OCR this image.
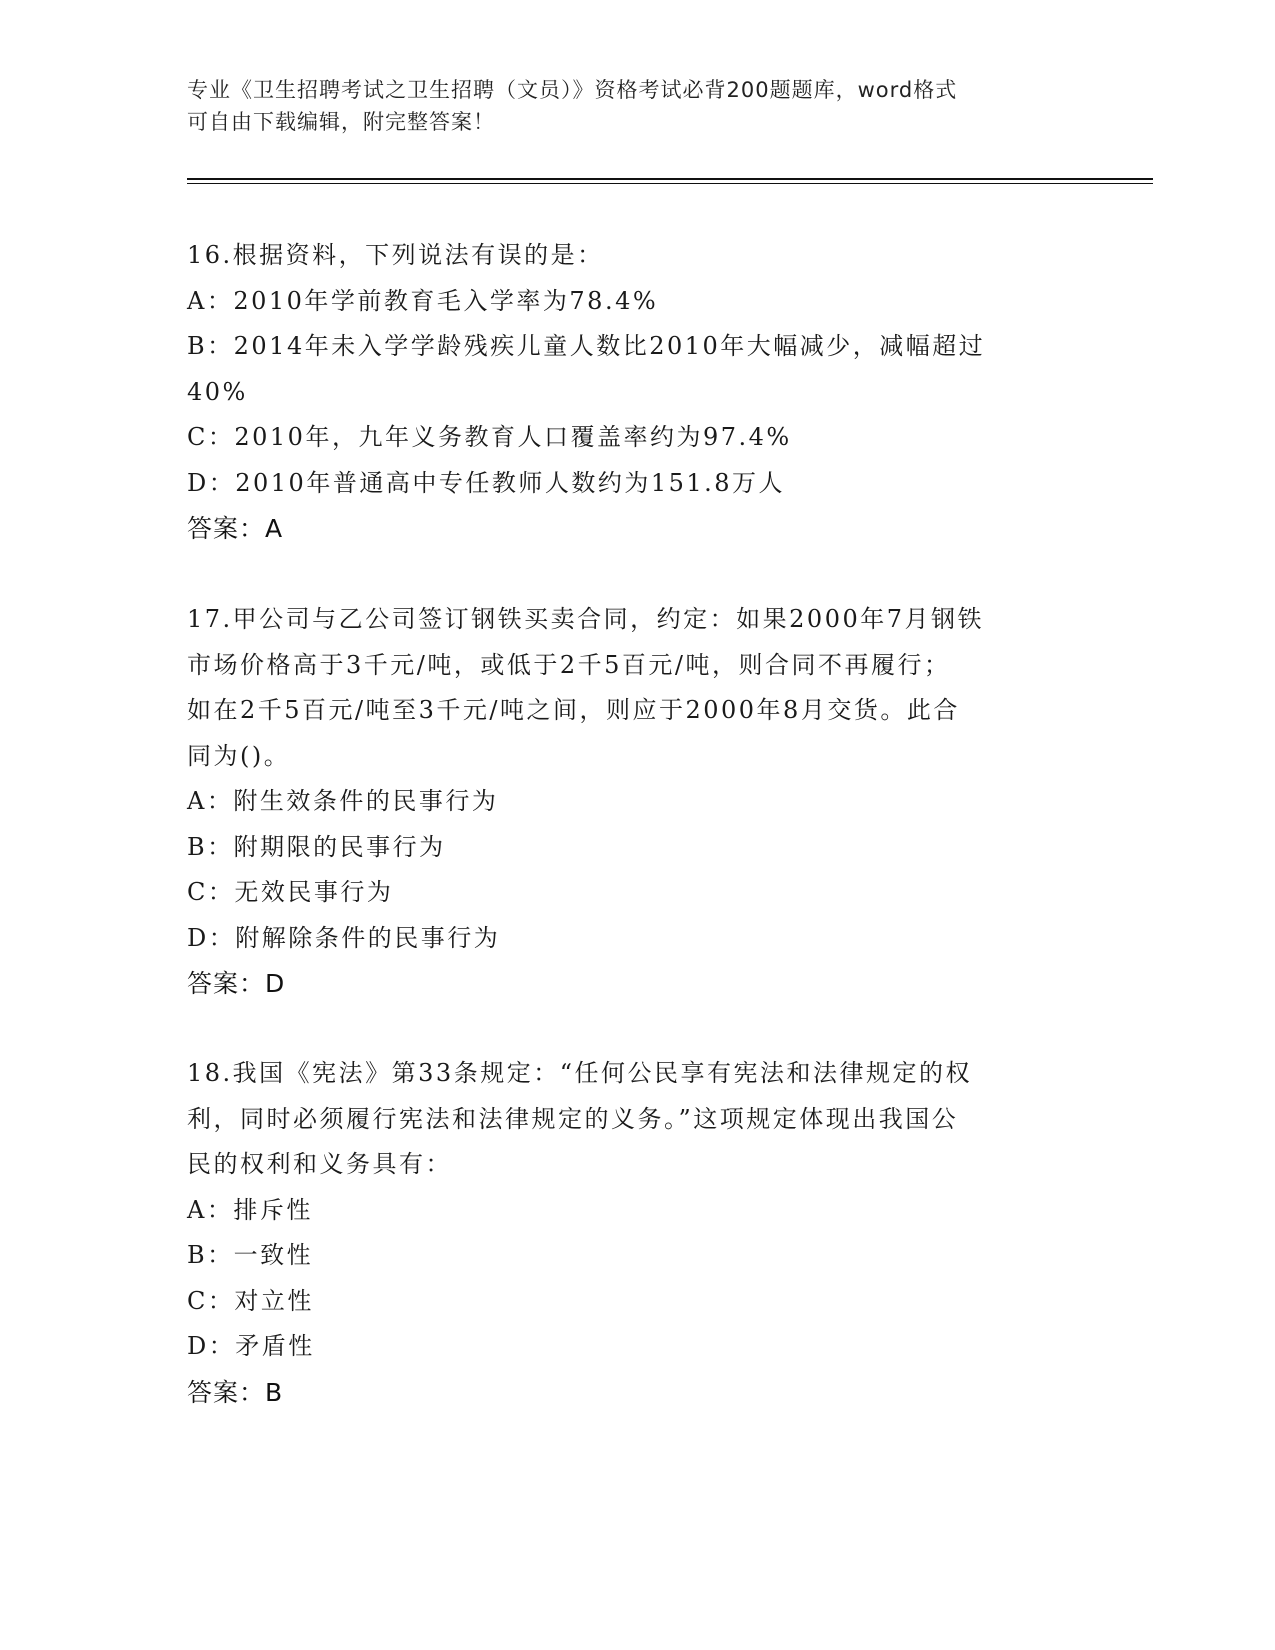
专业《卫生招聘考试之卫生招聘（文员）》资格考试必背200题题库，word格式
可自由下载编辑，附完整答案！
16.根据资料，下列说法有误的是：
A：2010年学前教育毛入学率为78.4%
B：2014年未入学学龄残疾儿童人数比2010年大幅减少，减幅超过
40%
C：2010年，九年义务教育人口覆盖率约为97.4%
D：2010年普通高中专任教师人数约为151.8万人
答案：A
17.甲公司与乙公司签订钢铁买卖合同，约定：如果2000年7月钢铁
市场价格高于3千元/吨，或低于2千5百元/吨，则合同不再履行；
如在2千5百元/吨至3千元/吨之间，则应于2000年8月交货。此合
同为()。
A：附生效条件的民事行为
B：附期限的民事行为
C：无效民事行为
D：附解除条件的民事行为
答案：D
18.我国《宪法》第33条规定：“任何公民享有宪法和法律规定的权
利，同时必须履行宪法和法律规定的义务。”这项规定体现出我国公
民的权利和义务具有：
A：排斥性
B：一致性
C：对立性
D：矛盾性
答案：B
